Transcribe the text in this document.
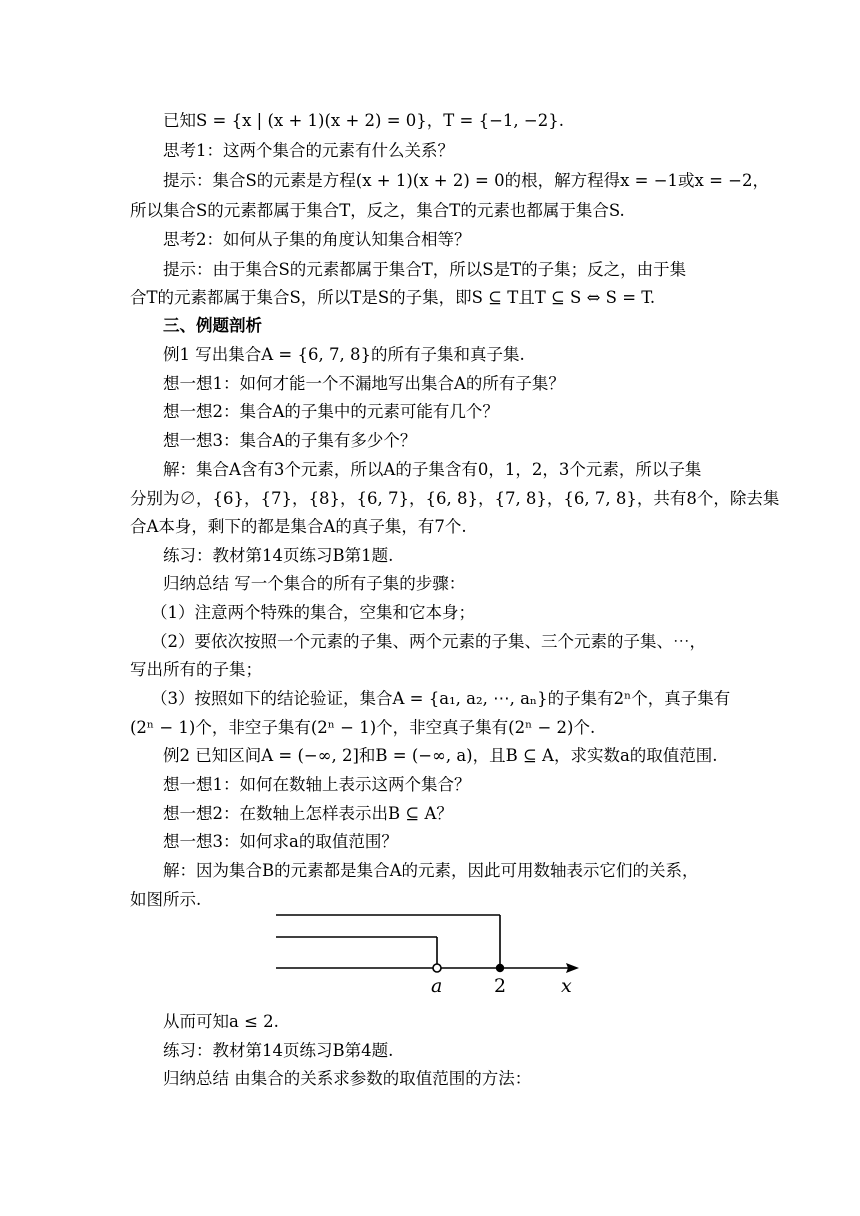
已知S = {x | (x + 1)(x + 2) = 0}，T = {−1, −2}.
思考1：这两个集合的元素有什么关系？
提示：集合S的元素是方程(x + 1)(x + 2) = 0的根，解方程得x = −1或x = −2，
所以集合S的元素都属于集合T，反之，集合T的元素也都属于集合S.
思考2：如何从子集的角度认知集合相等？
提示：由于集合S的元素都属于集合T，所以S是T的子集；反之，由于集
合T的元素都属于集合S，所以T是S的子集，即S ⊆ T且T ⊆ S ⇔ S = T.
三、例题剖析
例1 写出集合A = {6, 7, 8}的所有子集和真子集.
想一想1：如何才能一个不漏地写出集合A的所有子集？
想一想2：集合A的子集中的元素可能有几个？
想一想3：集合A的子集有多少个？
解：集合A含有3个元素，所以A的子集含有0，1，2，3个元素，所以子集
分别为∅，{6}，{7}，{8}，{6, 7}，{6, 8}，{7, 8}，{6, 7, 8}，共有8个，除去集
合A本身，剩下的都是集合A的真子集，有7个.
练习：教材第14页练习B第1题.
归纳总结 写一个集合的所有子集的步骤：
（1）注意两个特殊的集合，空集和它本身；
（2）要依次按照一个元素的子集、两个元素的子集、三个元素的子集、⋯，
写出所有的子集；
（3）按照如下的结论验证，集合A = {a₁, a₂, ⋯, aₙ}的子集有2ⁿ个，真子集有
(2ⁿ − 1)个，非空子集有(2ⁿ − 1)个，非空真子集有(2ⁿ − 2)个.
例2 已知区间A = (−∞, 2]和B = (−∞, a)，且B ⊆ A，求实数a的取值范围.
想一想1：如何在数轴上表示这两个集合？
想一想2：在数轴上怎样表示出B ⊆ A？
想一想3：如何求a的取值范围？
解：因为集合B的元素都是集合A的元素，因此可用数轴表示它们的关系，
如图所示.
a	2	x
从而可知a ≤ 2.
练习：教材第14页练习B第4题.
归纳总结 由集合的关系求参数的取值范围的方法：
